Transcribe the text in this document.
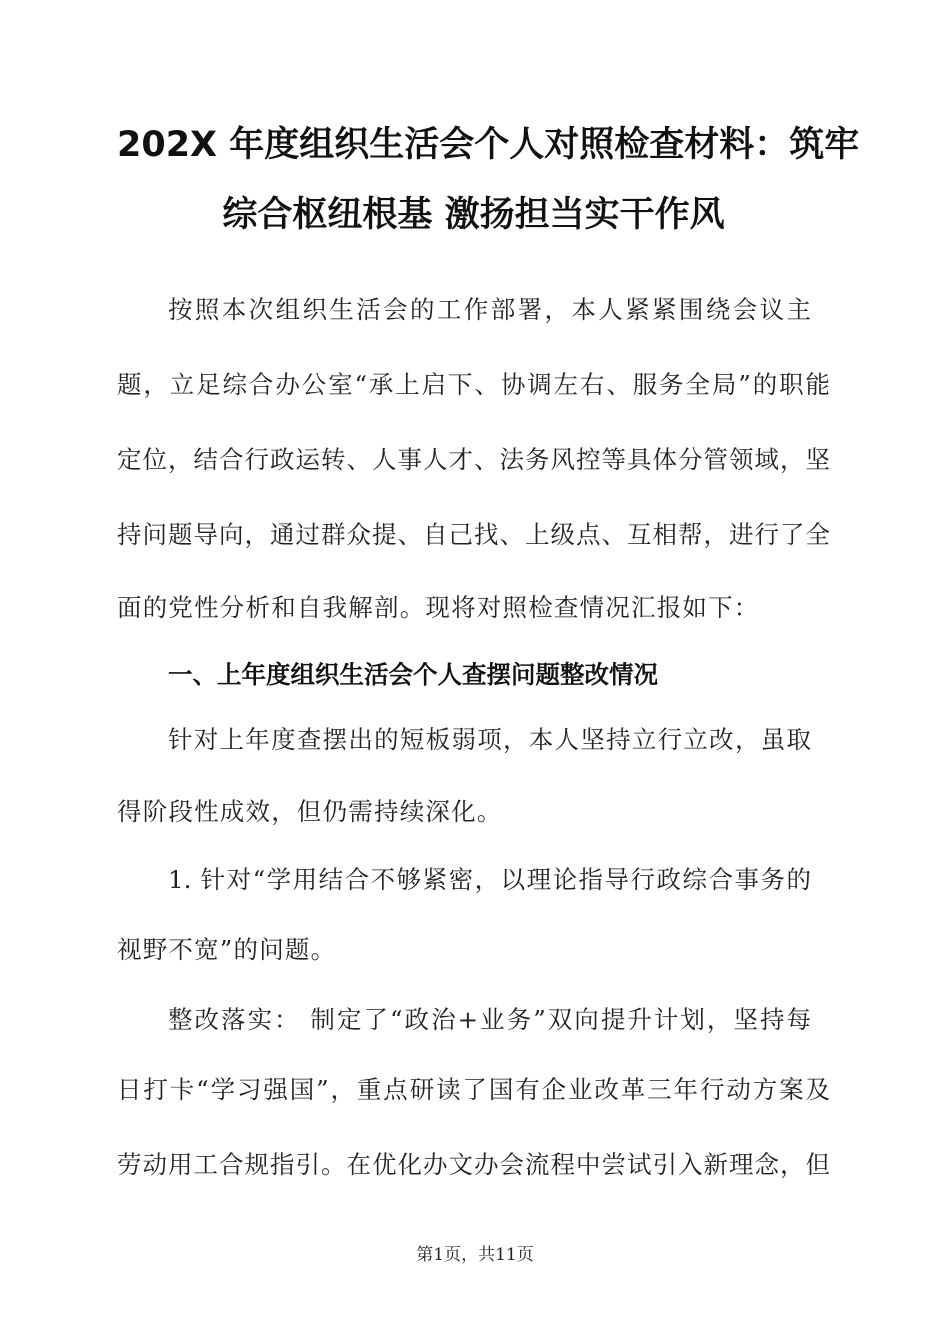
202X 年度组织生活会个人对照检查材料：筑牢
综合枢纽根基 激扬担当实干作风
按照本次组织生活会的工作部署，本人紧紧围绕会议主
题，立足综合办公室“承上启下、协调左右、服务全局”的职能
定位，结合行政运转、人事人才、法务风控等具体分管领域，坚
持问题导向，通过群众提、自己找、上级点、互相帮，进行了全
面的党性分析和自我解剖。现将对照检查情况汇报如下：
一、上年度组织生活会个人查摆问题整改情况
针对上年度查摆出的短板弱项，本人坚持立行立改，虽取
得阶段性成效，但仍需持续深化。
1. 针对“学用结合不够紧密，以理论指导行政综合事务的
视野不宽”的问题。
整改落实： 制定了“政治+业务”双向提升计划，坚持每
日打卡“学习强国”，重点研读了国有企业改革三年行动方案及
劳动用工合规指引。在优化办文办会流程中尝试引入新理念，但
第1页，共11页
